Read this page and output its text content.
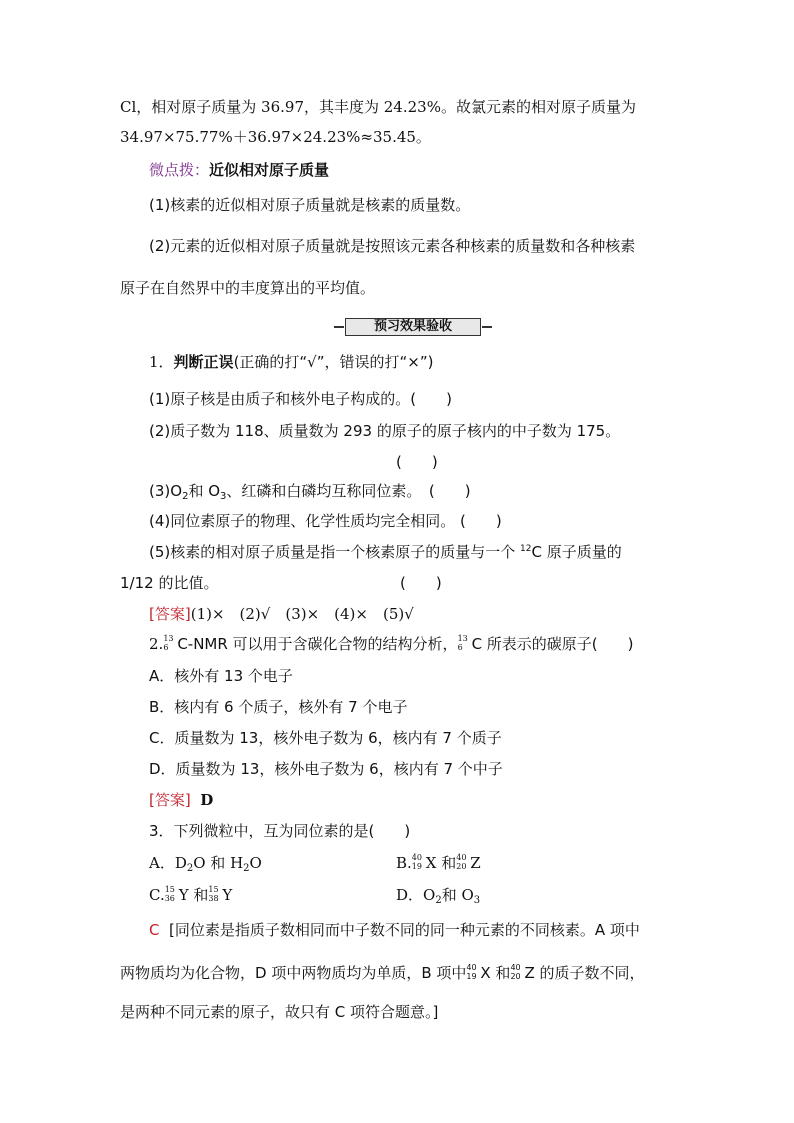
Cl，相对原子质量为 36.97，其丰度为 24.23%。故氯元素的相对原子质量为
34.97×75.77%＋36.97×24.23%≈35.45。
微点拨：近似相对原子质量
(1)核素的近似相对原子质量就是核素的质量数。
(2)元素的近似相对原子质量就是按照该元素各种核素的质量数和各种核素
原子在自然界中的丰度算出的平均值。
预习效果验收
1．判断正误(正确的打“√”，错误的打“×”)
(1)原子核是由质子和核外电子构成的。(　　)
(2)质子数为 118、质量数为 293 的原子的原子核内的中子数为 175。
(　　)
$(3)O_2$和 $O_3$、红磷和白磷均互称同位素。　(　　)
(4)同位素原子的物理、化学性质均完全相同。 (　　)
(5)核素的相对原子质量是指一个核素原子的质量与一个 $^{12}$C 原子质量的
1/12 的比值。	(　　)
[答案](1)×　(2)√　(3)×　(4)×　(5)√
2. 13
6 C-NMR 可以用于含碳化合物的结构分析， 13
6 C 所表示的碳原子(　　)
A．核外有 13 个电子
B．核内有 6 个质子，核外有 7 个电子
C．质量数为 13，核外电子数为 6，核内有 7 个质子
D．质量数为 13，核外电子数为 6，核内有 7 个中子
[答案] D
3．下列微粒中，互为同位素的是(　　)
A．$D_2O$ 和 $H_2O$	B. 40
19 X 和 40
20 Z
C. 15
36 Y 和 15
38 Y	D．$O_2$和 $O_3$
C [同位素是指质子数相同而中子数不同的同一种元素的不同核素。A 项中
两物质均为化合物，D 项中两物质均为单质，B 项中 40
19 X 和 40
20 Z 的质子数不同，
是两种不同元素的原子，故只有 C 项符合题意。]
